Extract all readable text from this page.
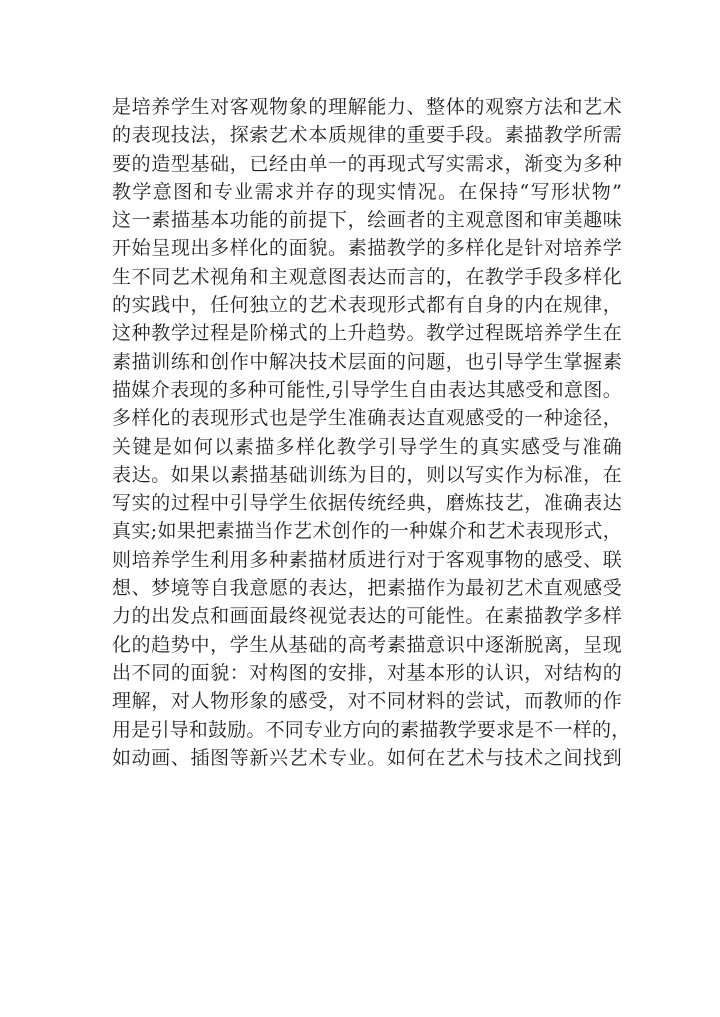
是培养学生对客观物象的理解能力、整体的观察方法和艺术
的表现技法，探索艺术本质规律的重要手段。素描教学所需
要的造型基础，已经由单一的再现式写实需求，渐变为多种
教学意图和专业需求并存的现实情况。在保持“写形状物”
这一素描基本功能的前提下，绘画者的主观意图和审美趣味
开始呈现出多样化的面貌。素描教学的多样化是针对培养学
生不同艺术视角和主观意图表达而言的，在教学手段多样化
的实践中，任何独立的艺术表现形式都有自身的内在规律，
这种教学过程是阶梯式的上升趋势。教学过程既培养学生在
素描训练和创作中解决技术层面的问题，也引导学生掌握素
描媒介表现的多种可能性,引导学生自由表达其感受和意图。
多样化的表现形式也是学生准确表达直观感受的一种途径，
关键是如何以素描多样化教学引导学生的真实感受与准确
表达。如果以素描基础训练为目的，则以写实作为标准，在
写实的过程中引导学生依据传统经典，磨炼技艺，准确表达
真实;如果把素描当作艺术创作的一种媒介和艺术表现形式，
则培养学生利用多种素描材质进行对于客观事物的感受、联
想、梦境等自我意愿的表达，把素描作为最初艺术直观感受
力的出发点和画面最终视觉表达的可能性。在素描教学多样
化的趋势中，学生从基础的高考素描意识中逐渐脱离，呈现
出不同的面貌：对构图的安排，对基本形的认识，对结构的
理解，对人物形象的感受，对不同材料的尝试，而教师的作
用是引导和鼓励。不同专业方向的素描教学要求是不一样的，
如动画、插图等新兴艺术专业。如何在艺术与技术之间找到
